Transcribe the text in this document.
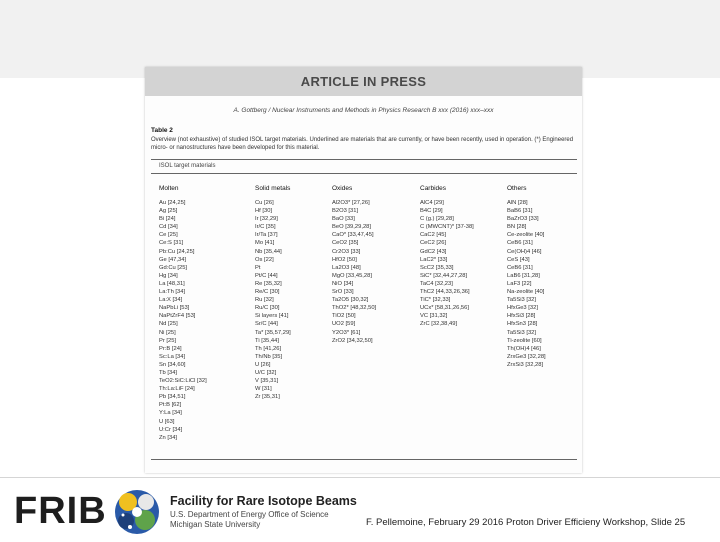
ARTICLE IN PRESS
A. Gottberg / Nuclear Instruments and Methods in Physics Research B xxx (2016) xxx–xxx
Table 2
Overview (not exhaustive) of studied ISOL target materials. Underlined are materials that are currently, or have been recently, used in operation. (*) Engineered micro- or nanostructures have been developed for this material.
ISOL target materials
Molten
Au [24,25]
Ag [25]
Bi [24]
Cd [34]
Ce [25]
Ce:S [31]
Pb:Cu [24,25]
Ge [47,34]
Gd:Cu [25]
Hg [34]
La [48,31]
La:Th [34]
La:X [34]
NaPbLi [53]
NaPtZrF4 [53]
Nd [25]
Ni [25]
Pr [25]
Pr:B [24]
Sc:La [34]
Sn [34,60]
Tb [34]
TeO2:SiC:LiCl [32]
Th:La:LiF [24]
Pb [34,51]
Pt:B [62]
Y:La [34]
U [63]
U:Cr [34]
Zn [34]
Solid metals
Cu [26]
Hf [30]
Ir [32,29]
Ir/C [35]
Ir/Ta [37]
Mo [41]
Nb [35,44]
Os [22]
Pt
Pt/C [44]
Re [35,32]
Re/C [30]
Ru [32]
Ru/C [30]
Si layers [41]
Sr/C [44]
Ta* [35,57,29]
Ti [35,44]
Th [41,26]
Th/Nb [35]
U [26]
U/C [32]
V [35,31]
W [31]
Zr [35,31]
Oxides
Al2O3* [27,26]
B2O3 [31]
BaO [33]
BeO [39,29,28]
CaO* [33,47,45]
CeO2 [35]
Cr2O3 [33]
HfO2 [50]
La2O3 [48]
MgO [33,45,28]
NiO [34]
SrO [33]
Ta2O5 [30,32]
ThO2* [48,32,50]
TiO2 [50]
UO2 [59]
Y2O3* [61]
ZrO2 [34,32,50]
Carbides
AlC4 [29]
B4C [29]
C (g.) [29,28]
C (MWCNT)* [37-38]
CaC2 [45]
CeC2 [26]
GdC2 [43]
LaC2* [33]
ScC2 [35,33]
SiC* [32,44,27,28]
TaC4 [32,23]
ThC2 [44,33,26,36]
TiC* [32,33]
UCx* [58,31,26,56]
VC [31,32]
ZrC [32,38,49]
Others
AlN [28]
BaB6 [31]
BaZrO3 [33]
BN [28]
Ce-zeolite [40]
CeB6 [31]
Ce(OH)4 [46]
CeS [43]
CeB6 [31]
LaB6 [31,28]
LaF3 [22]
Na-zeolite [40]
Ta5Si3 [32]
HfxGe3 [32]
HfxSi3 [28]
HfxSn3 [28]
Ta5Si3 [32]
Ti-zeolite [60]
Th(OH)4 [46]
ZrxGe3 [32,28]
ZrxSi3 [32,28]
FRIB	Facility for Rare Isotope Beams
U.S. Department of Energy Office of Science
Michigan State University	F. Pellemoine, February 29 2016 Proton Driver Efficieny Workshop, Slide 25
